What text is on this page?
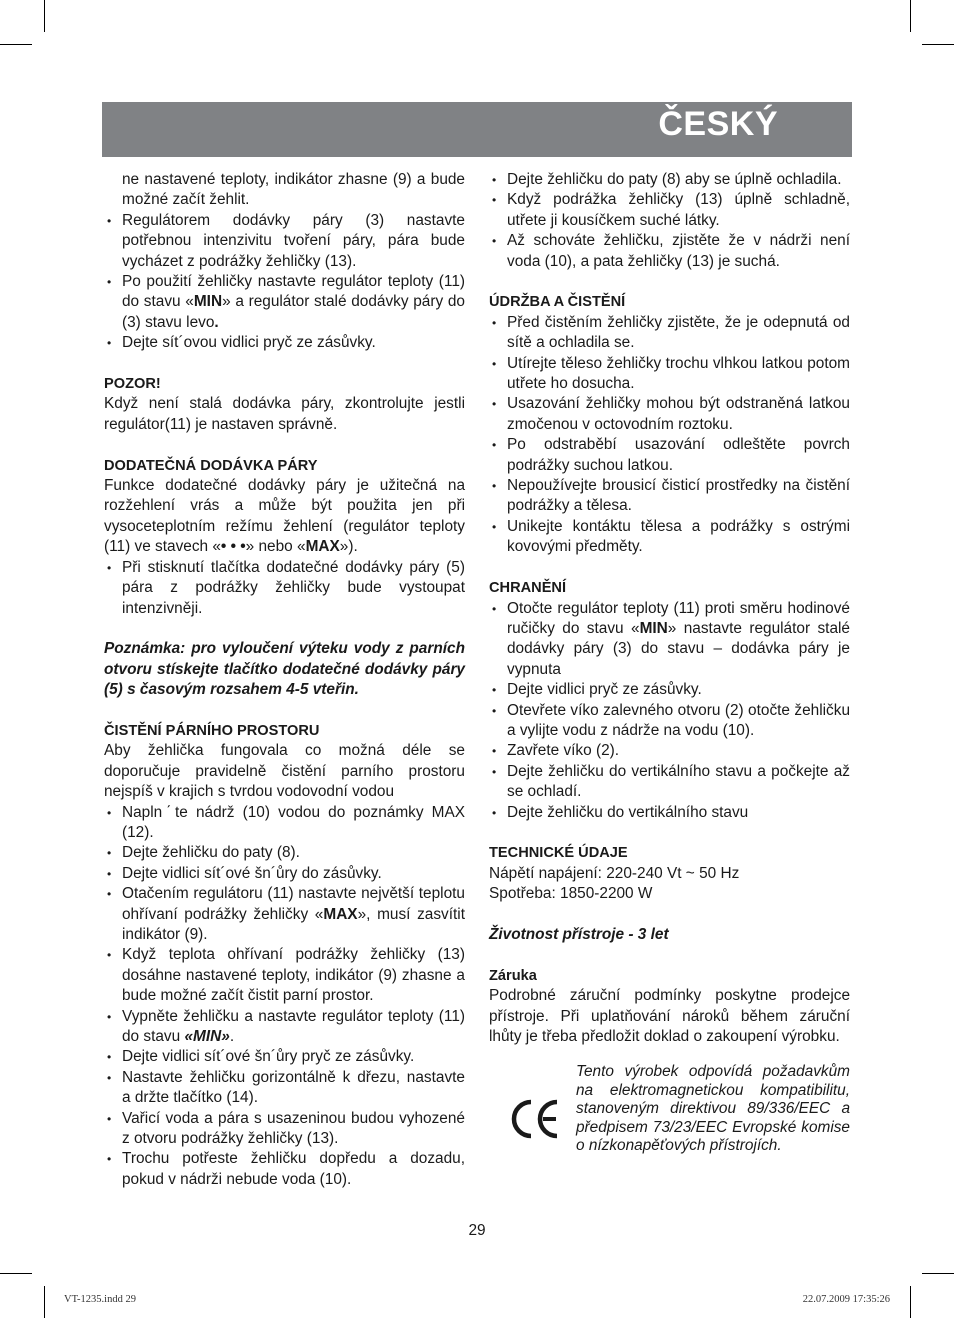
ČESKÝ

ne nastavené teploty, indikátor zhasne (9) a bude možné začít žehlit.

• Regulátorem dodávky páry (3) nastavte potřebnou intenzivitu tvoření páry, pára bude vycházet z podrážky žehličky (13).
• Po použití žehličky nastavte regulátor teploty (11) do stavu «MIN» a regulátor stalé dodávky páry do (3) stavu levo.
• Dejte sít´ovou vidlici pryč ze zásůvky.
POZOR!

Když není stalá dodávka páry, zkontrolujte jestli regulátor(11) je nastaven správně.

DODATEČNÁ DODÁVKA PÁRY

Funkce dodatečné dodávky páry je užitečná na rozžehlení vrás a může být použita jen při vysoceteplotním režímu žehlení (regulátor teploty (11) ve stavech «• • •» nebo «MAX»).

• Při stisknutí tlačítka dodatečné dodávky páry (5) pára z podrážky žehličky bude vystoupat intenzivněji.

Poznámka: pro vyloučení výteku vody z parních otvoru stískejte tlačítko dodatečné dodávky páry (5) s časovým rozsahem 4-5 vteřin.

ČISTĚNÍ PÁRNÍHO PROSTORU

Aby žehlička fungovala co možná déle se doporučuje pravidelně čistění parního prostoru nejspíš v krajich s tvrdou vodovodní vodou

• Naplnˊte nádrž (10) vodou do poznámky MAX (12).
• Dejte žehličku do paty (8).
• Dejte vidlici sít´ové šn´ůry do zásůvky.
• Otačením regulátoru (11) nastavte největší teplotu ohřívaní podrážky žehličky «MAX», musí zasvítit indikátor (9).
• Když teplota ohřívaní podrážky žehličky (13) dosáhne nastavené teploty, indikátor (9) zhasne a bude možné začít čistit parní prostor.
• Vypněte žehličku a nastavte regulátor teploty (11) do stavu «MIN».
• Dejte vidlici sít´ové šn´ůry pryč ze zásůvky.
• Nastavte žehličku gorizontálně k dřezu, nastavte a držte tlačítko (14).
• Vařicí voda a pára s usazeninou budou vyhozené z otvoru podrážky žehličky (13).
• Trochu potřeste žehličku dopředu a dozadu, pokud v nádrži nebude voda (10).
• Dejte žehličku do paty (8) aby se úplně ochladila.
• Když podrážka žehličky (13) úplně schladně, utřete ji kousíčkem suché látky.
• Až schováte žehličku, zjistěte že v nádrži není voda (10), a pata žehličky (13) je suchá.
ÚDRŽBA A ČISTĚNÍ
• Před čistěním žehličky zjistěte, že je odepnutá od sítě a ochladila se.
• Utírejte těleso žehličky trochu vlhkou latkou potom utřete ho dosucha.
• Usazování žehličky mohou být odstraněná latkou zmočenou v octovodním roztoku.
• Po odstraběbí usazování odleštěte povrch podrážky suchou latkou.
• Nepoužívejte brousicí čisticí prostředky na čistění podrážky a tělesa.
• Unikejte kontáktu tělesa a podrážky s ostrými kovovými předměty.
CHRANĚNÍ
• Otočte regulátor teploty (11) proti směru hodinové ručičky do stavu «MIN» nastavte regulátor stalé dodávky páry (3) do stavu – dodávka páry je vypnuta
• Dejte vidlici pryč ze zásůvky.
• Otevřete víko zalevného otvoru (2) otočte žehličku a vylijte vodu z nádrže na vodu (10).
• Zavřete víko (2).
• Dejte žehličku do vertikálního stavu a počkejte až se ochladí.
• Dejte žehličku do vertikálního stavu
TECHNICKÉ ÚDAJE

Nápětí napájení: 220-240 Vt ~ 50 Hz

Spotřeba: 1850-2200 W

Životnost přístroje - 3 let

Záruka

Podrobné záruční podmínky poskytne prodejce přístroje. Při uplatňování nároků během záruční lhůty je třeba předložit doklad o zakoupení výrobku.

Tento výrobek odpovídá požadavkům na elektromagnetickou kompatibilitu, stanoveným direktivou 89/336/EEC a předpisem 73/23/EEC Evropské komise o nízkonapěťových přístrojích.

29
VT-1235.indd 29	22.07.2009 17:35:26
